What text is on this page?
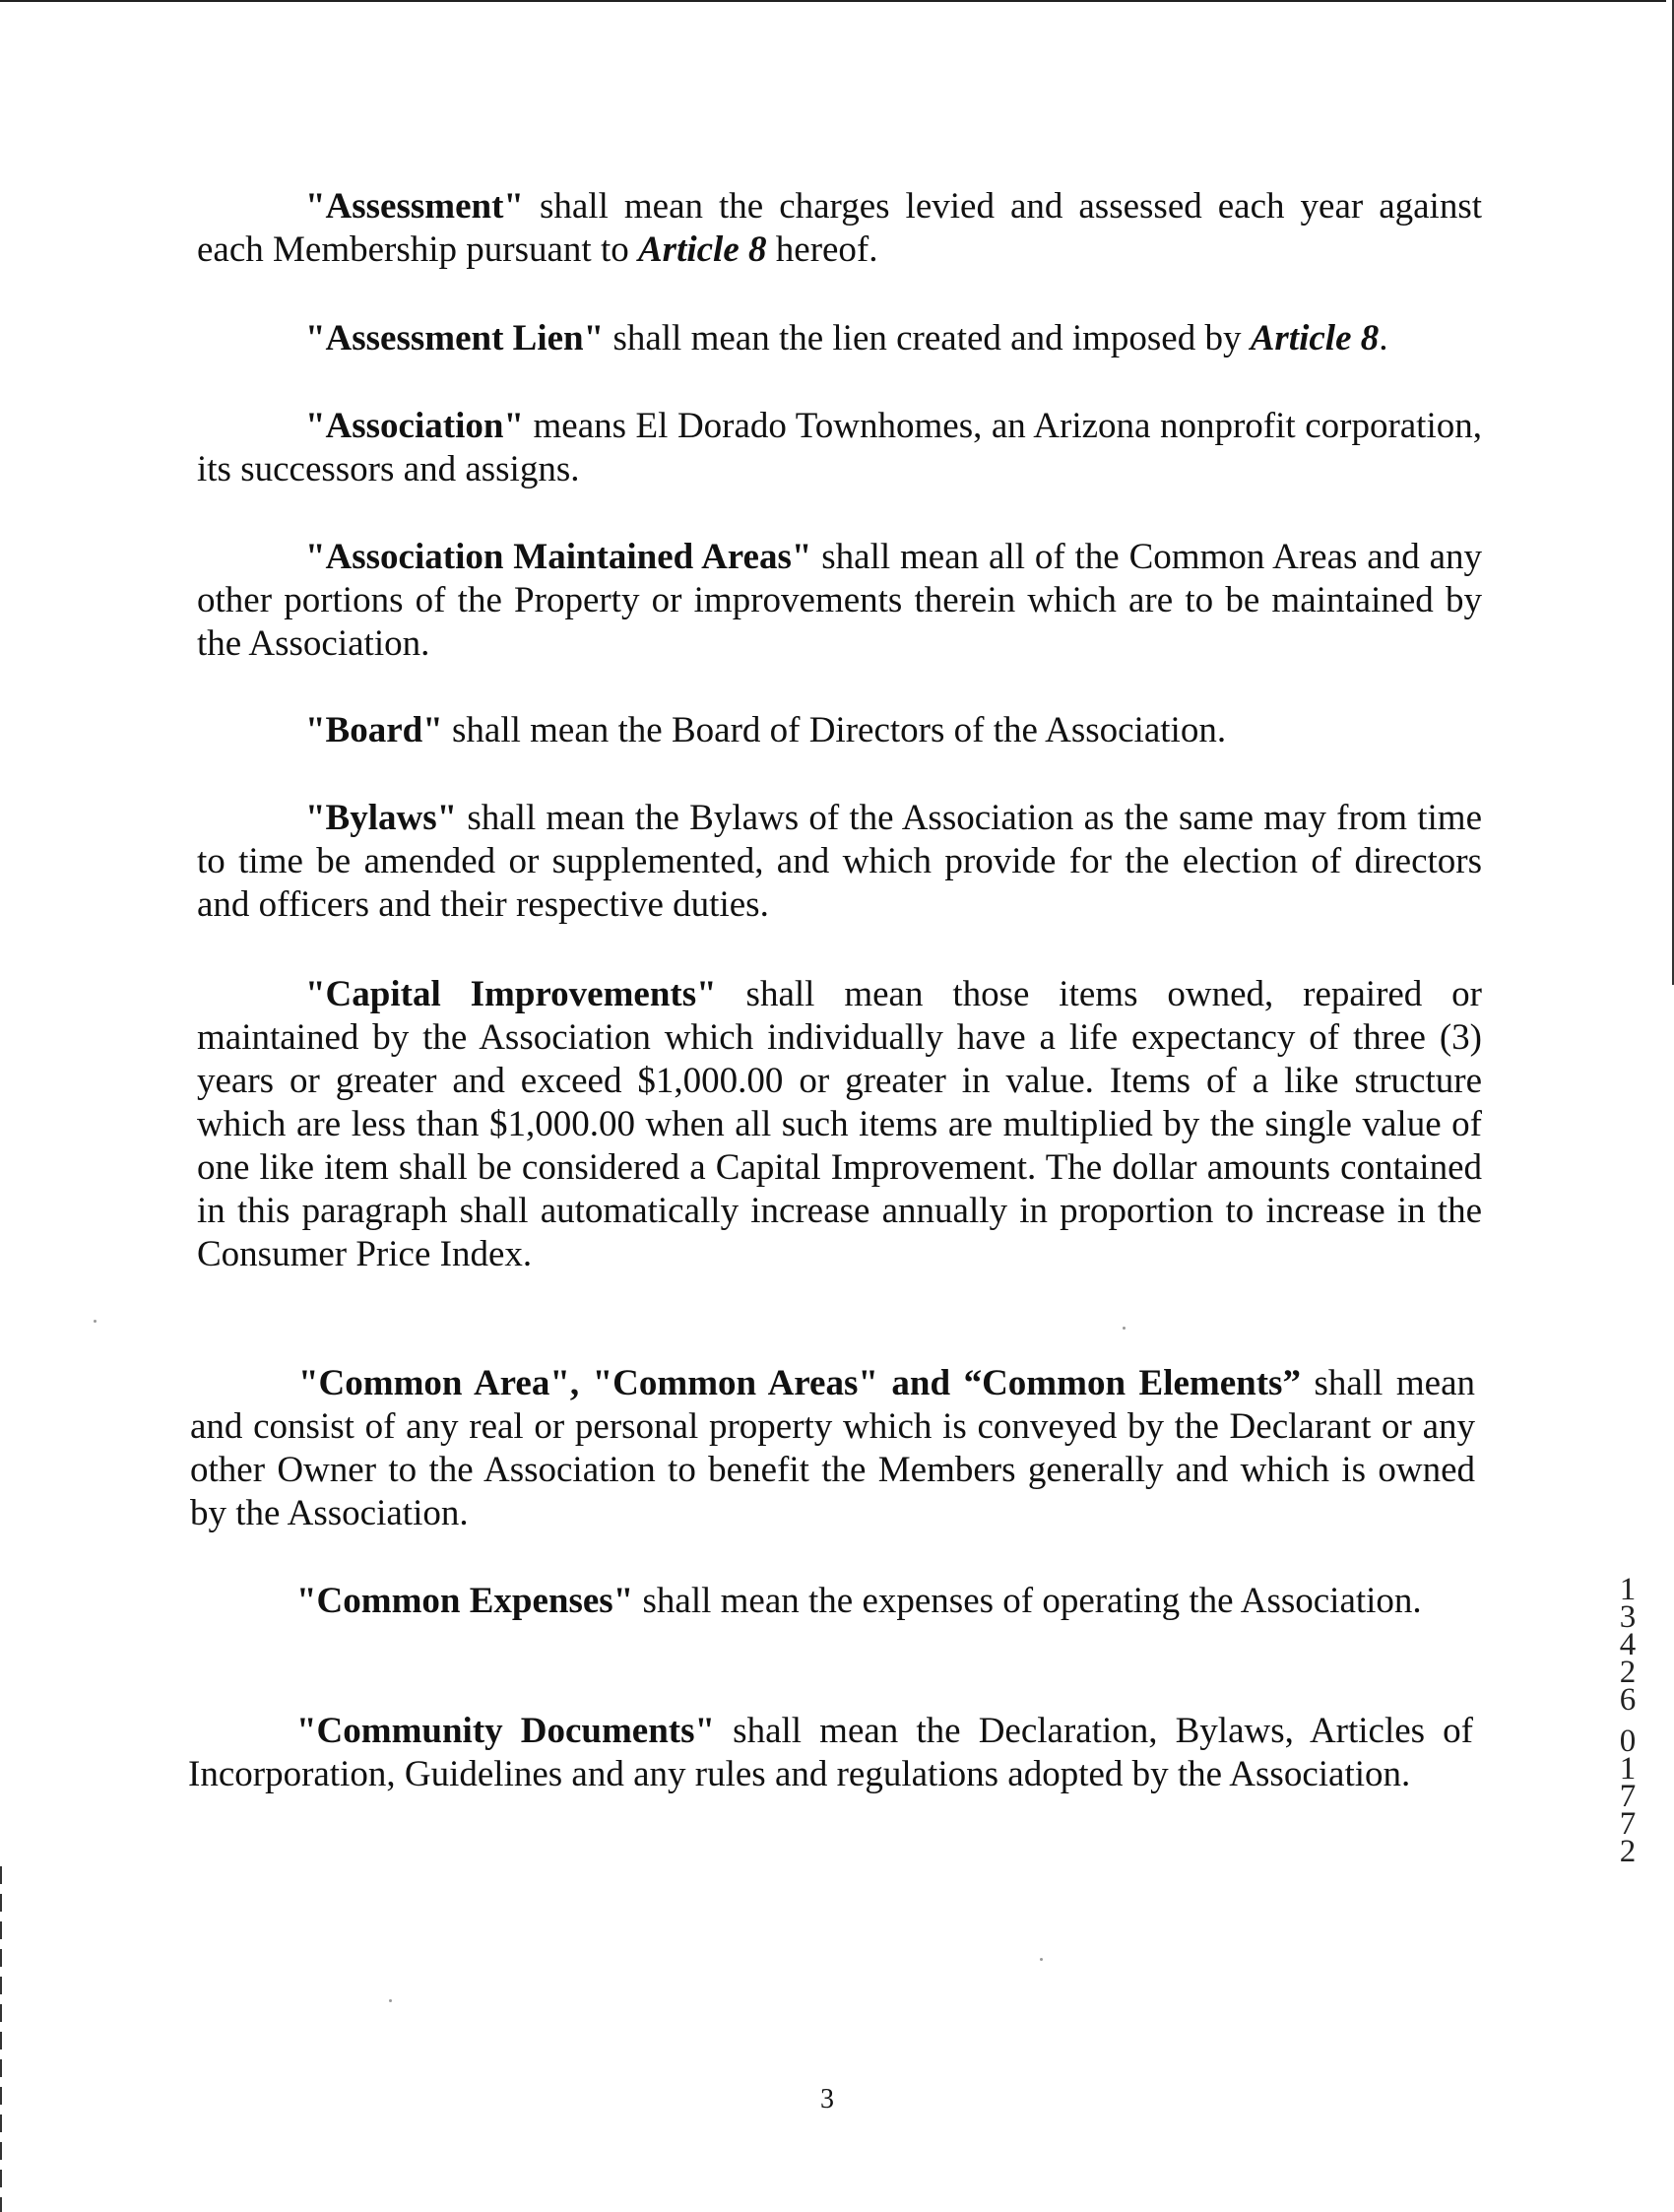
"Assessment" shall mean the charges levied and assessed each year against each Membership pursuant to Article 8 hereof.

"Assessment Lien" shall mean the lien created and imposed by Article 8.

"Association" means El Dorado Townhomes, an Arizona nonprofit corporation, its successors and assigns.

"Association Maintained Areas" shall mean all of the Common Areas and any other portions of the Property or improvements therein which are to be maintained by the Association.

"Board" shall mean the Board of Directors of the Association.

"Bylaws" shall mean the Bylaws of the Association as the same may from time to time be amended or supplemented, and which provide for the election of directors and officers and their respective duties.

"Capital Improvements" shall mean those items owned, repaired or maintained by the Association which individually have a life expectancy of three (3) years or greater and exceed $1,000.00 or greater in value. Items of a like structure which are less than $1,000.00 when all such items are multiplied by the single value of one like item shall be considered a Capital Improvement. The dollar amounts contained in this paragraph shall automatically increase annually in proportion to increase in the Consumer Price Index.

"Common Area", "Common Areas" and “Common Elements” shall mean and consist of any real or personal property which is conveyed by the Declarant or any other Owner to the Association to benefit the Members generally and which is owned by the Association.

"Common Expenses" shall mean the expenses of operating the Association.

"Community Documents" shall mean the Declaration, Bylaws, Articles of Incorporation, Guidelines and any rules and regulations adopted by the Association.

1
3
4
2
6
0
1
7
7
2
3
